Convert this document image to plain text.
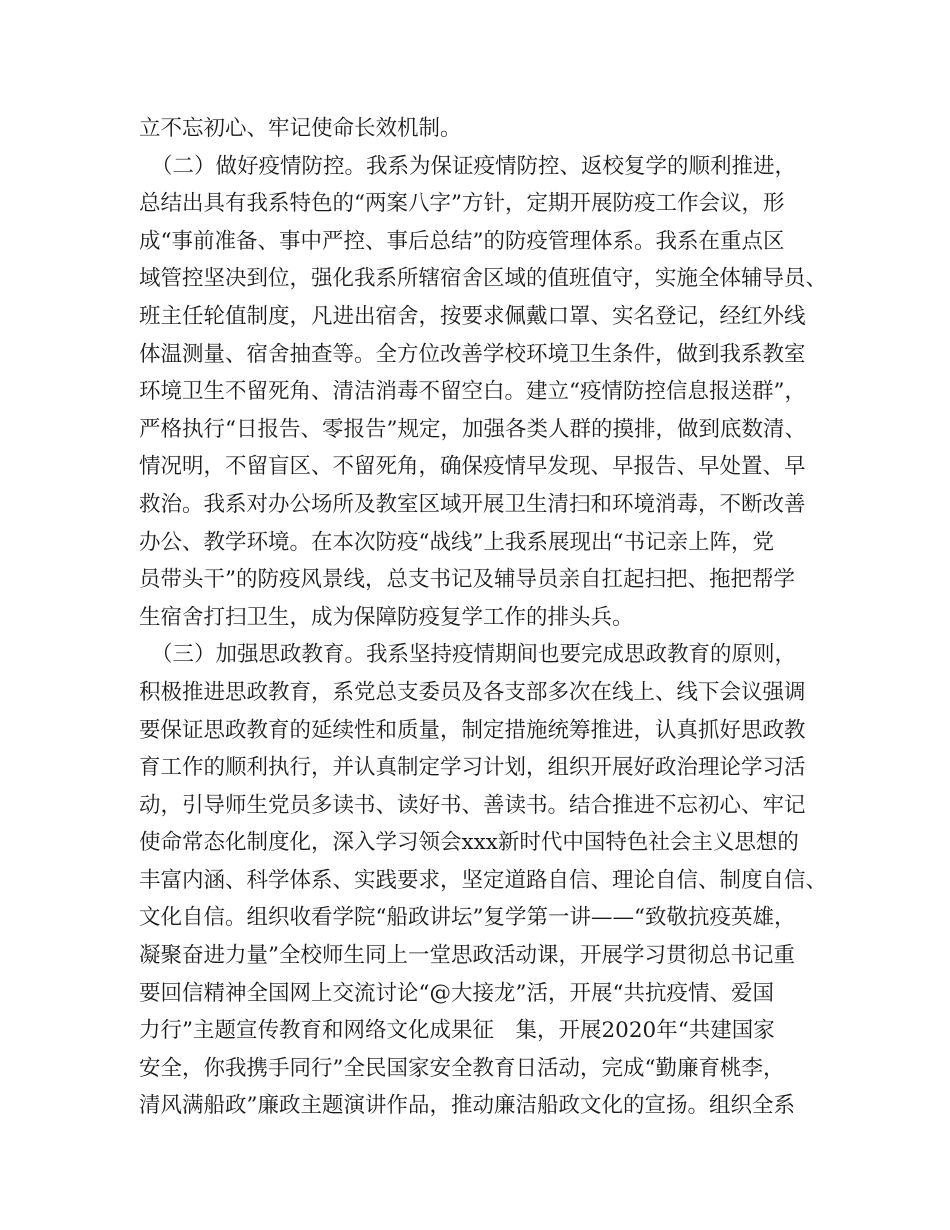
立不忘初心、牢记使命长效机制。
（二）做好疫情防控。我系为保证疫情防控、返校复学的顺利推进，
总结出具有我系特色的“两案八字”方针，定期开展防疫工作会议，形
成“事前准备、事中严控、事后总结”的防疫管理体系。我系在重点区
域管控坚决到位，强化我系所辖宿舍区域的值班值守，实施全体辅导员、
班主任轮值制度，凡进出宿舍，按要求佩戴口罩、实名登记，经红外线
体温测量、宿舍抽查等。全方位改善学校环境卫生条件，做到我系教室
环境卫生不留死角、清洁消毒不留空白。建立“疫情防控信息报送群”，
严格执行“日报告、零报告”规定，加强各类人群的摸排，做到底数清、
情况明，不留盲区、不留死角，确保疫情早发现、早报告、早处置、早
救治。我系对办公场所及教室区域开展卫生清扫和环境消毒，不断改善
办公、教学环境。在本次防疫“战线”上我系展现出“书记亲上阵，党
员带头干”的防疫风景线，总支书记及辅导员亲自扛起扫把、拖把帮学
生宿舍打扫卫生，成为保障防疫复学工作的排头兵。
（三）加强思政教育。我系坚持疫情期间也要完成思政教育的原则，
积极推进思政教育，系党总支委员及各支部多次在线上、线下会议强调
要保证思政教育的延续性和质量，制定措施统筹推进，认真抓好思政教
育工作的顺利执行，并认真制定学习计划，组织开展好政治理论学习活
动，引导师生党员多读书、读好书、善读书。结合推进不忘初心、牢记
使命常态化制度化，深入学习领会xxx新时代中国特色社会主义思想的
丰富内涵、科学体系、实践要求，坚定道路自信、理论自信、制度自信、
文化自信。组织收看学院“船政讲坛”复学第一讲——“致敬抗疫英雄，
凝聚奋进力量”全校师生同上一堂思政活动课，开展学习贯彻总书记重
要回信精神全国网上交流讨论“@大接龙”活，开展“共抗疫情、爱国
力行”主题宣传教育和网络文化成果征　集，开展2020年“共建国家
安全，你我携手同行”全民国家安全教育日活动，完成“勤廉育桃李，
清风满船政”廉政主题演讲作品，推动廉洁船政文化的宣扬。组织全系
